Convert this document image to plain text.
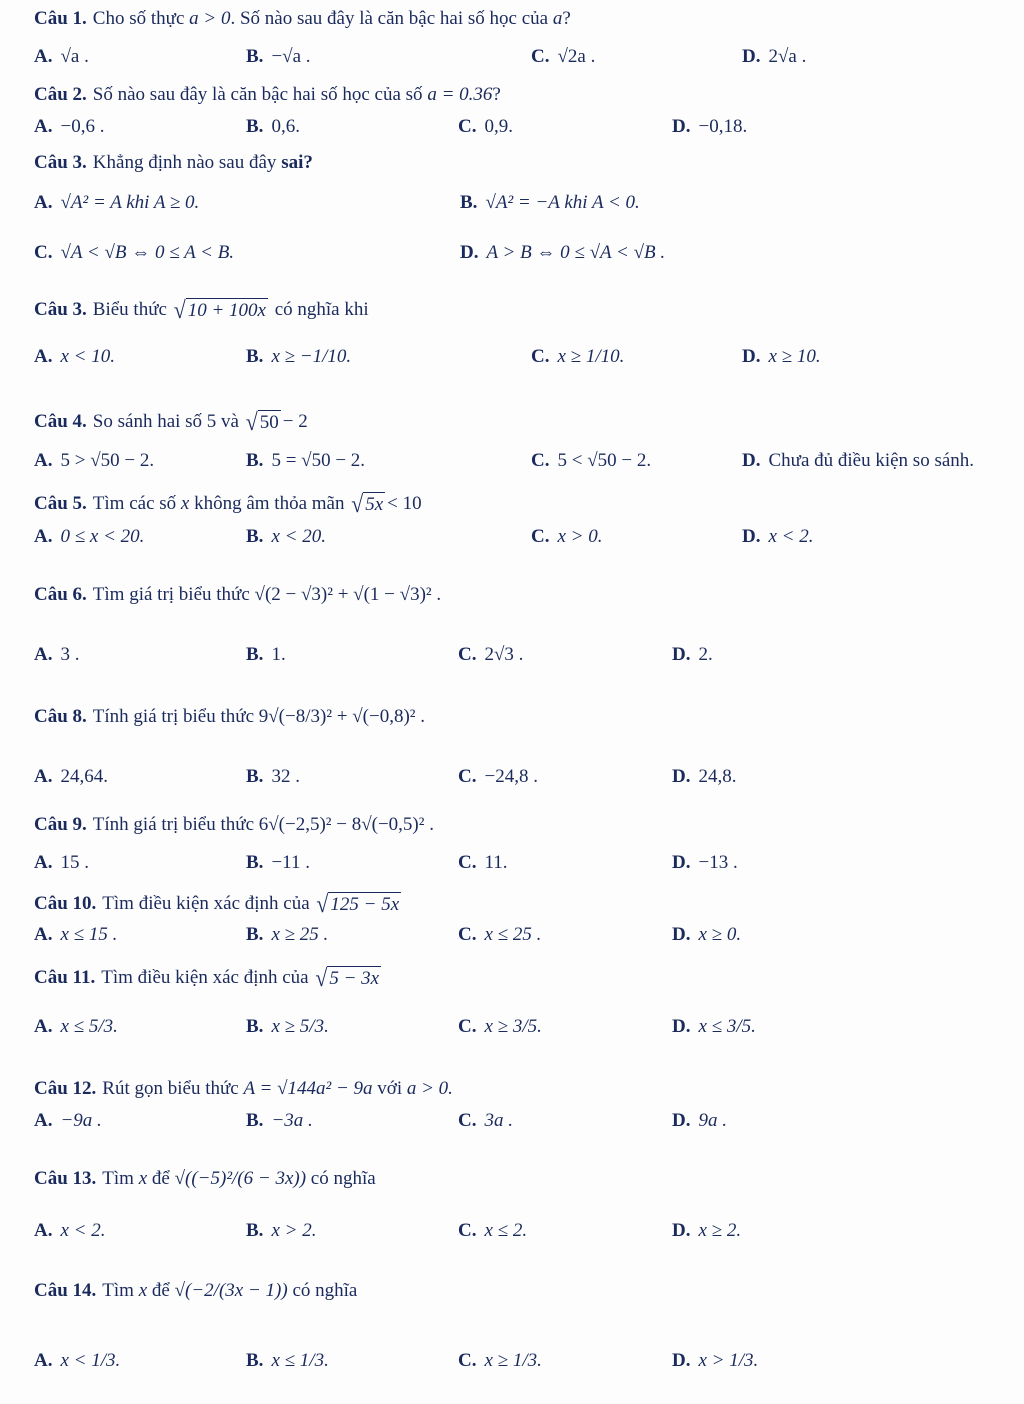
Câu 1. Cho số thực
a > 0 . Số nào sau đây là căn bậc hai số học của
a ?
A. √a .	B. −√a .	C. √2a .	D. 2√a .
Câu 2. Số nào sau đây là căn bậc hai số học của số
a = 0.36 ?
A. −0,6 .	B. 0,6.	C. 0,9.	D. −0,18.
Câu 3. Khẳng định nào sau đây
sai?
A. √A² = A khi A ≥ 0.	B. √A² = −A khi A < 0.
C. √A < √B ⇔ 0 ≤ A < B.	D. A > B ⇔ 0 ≤ √A < √B .
Câu 3. Biểu thức
√ 10 + 100x
có nghĩa khi
A. x < 10.	B. x ≥ −1/10.	C. x ≥ 1/10.	D. x ≥ 10.
Câu 4. So sánh hai số 5 và
√ 50 − 2
A. 5 > √50 − 2.	B. 5 = √50 − 2.	C. 5 < √50 − 2.	D. Chưa đủ điều kiện so sánh.
Câu 5. Tìm các số
x
không âm thỏa mãn
√ 5x < 10
A. 0 ≤ x < 20.	B. x < 20.	C. x > 0.	D. x < 2.
Câu 6. Tìm giá trị biểu thức
√(2 − √3)² + √(1 − √3)² .
A. 3 .	B. 1.	C. 2√3 .	D. 2.
Câu 8. Tính giá trị biểu thức
9√(−8/3)² + √(−0,8)² .
A. 24,64.	B. 32 .	C. −24,8 .	D. 24,8.
Câu 9. Tính giá trị biểu thức
6√(−2,5)² − 8√(−0,5)² .
A. 15 .	B. −11 .	C. 11.	D. −13 .
Câu 10. Tìm điều kiện xác định của
√ 125 − 5x
A. x ≤ 15 .	B. x ≥ 25 .	C. x ≤ 25 .	D. x ≥ 0.
Câu 11. Tìm điều kiện xác định của
√ 5 − 3x
A. x ≤ 5/3.	B. x ≥ 5/3.	C. x ≥ 3/5.	D. x ≤ 3/5.
Câu 12. Rút gọn biểu thức
A = √144a² − 9a
với
a > 0.
A. −9a .	B. −3a .	C. 3a .	D. 9a .
Câu 13. Tìm
x
để
√((−5)²/(6 − 3x))
có nghĩa
A. x < 2.	B. x > 2.	C. x ≤ 2.	D. x ≥ 2.
Câu 14. Tìm
x
để
√(−2/(3x − 1))
có nghĩa
A. x < 1/3.	B. x ≤ 1/3.	C. x ≥ 1/3.	D. x > 1/3.
